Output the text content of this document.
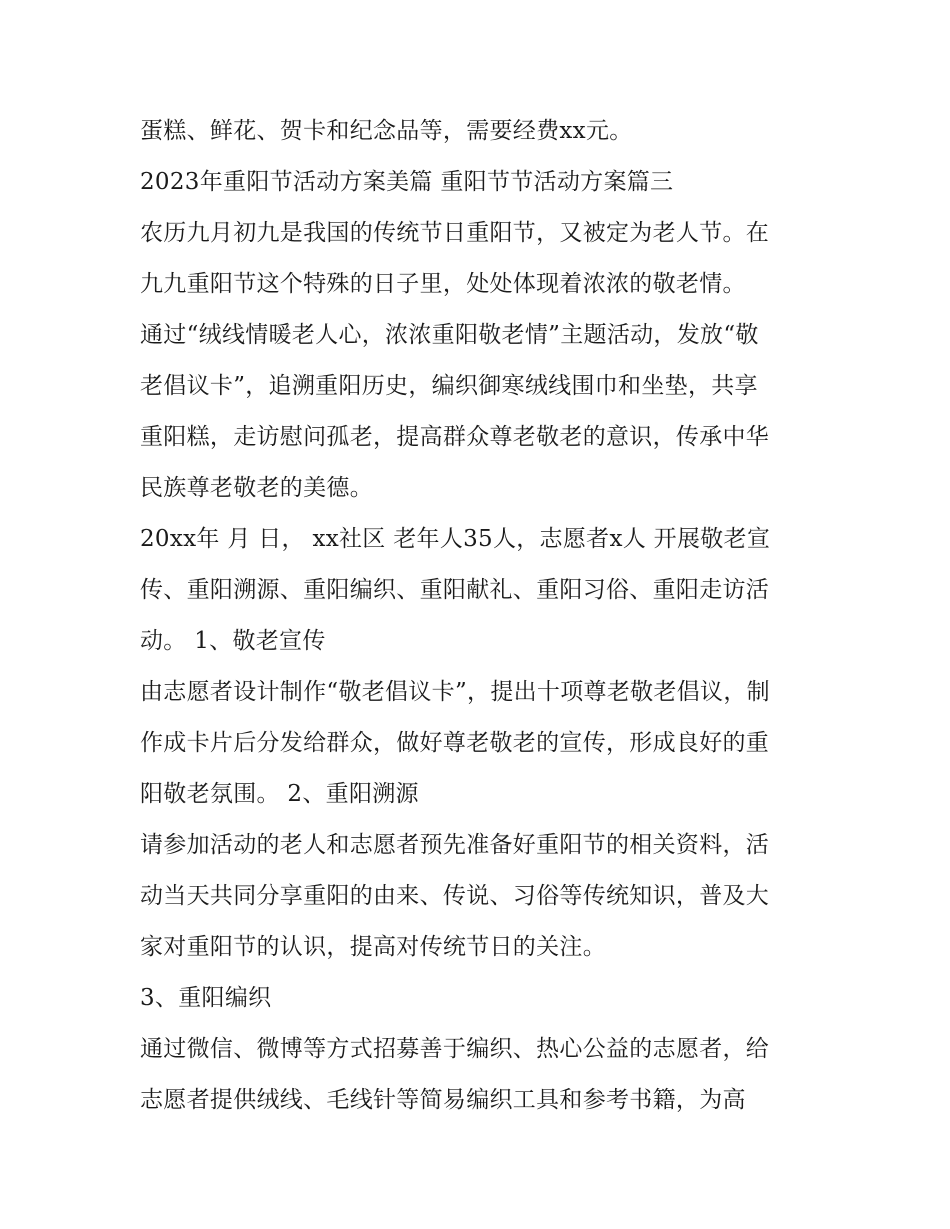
蛋糕、鲜花、贺卡和纪念品等，需要经费xx元。
2023年重阳节活动方案美篇 重阳节节活动方案篇三
农历九月初九是我国的传统节日重阳节，又被定为老人节。在
九九重阳节这个特殊的日子里，处处体现着浓浓的敬老情。
通过“绒线情暖老人心，浓浓重阳敬老情”主题活动，发放“敬
老倡议卡”，追溯重阳历史，编织御寒绒线围巾和坐垫，共享
重阳糕，走访慰问孤老，提高群众尊老敬老的意识，传承中华
民族尊老敬老的美德。
20xx年 月 日， xx社区 老年人35人，志愿者x人 开展敬老宣
传、重阳溯源、重阳编织、重阳献礼、重阳习俗、重阳走访活
动。 1、敬老宣传
由志愿者设计制作“敬老倡议卡”，提出十项尊老敬老倡议，制
作成卡片后分发给群众，做好尊老敬老的宣传，形成良好的重
阳敬老氛围。 2、重阳溯源
请参加活动的老人和志愿者预先准备好重阳节的相关资料，活
动当天共同分享重阳的由来、传说、习俗等传统知识，普及大
家对重阳节的认识，提高对传统节日的关注。
3、重阳编织
通过微信、微博等方式招募善于编织、热心公益的志愿者，给
志愿者提供绒线、毛线针等简易编织工具和参考书籍，为高
